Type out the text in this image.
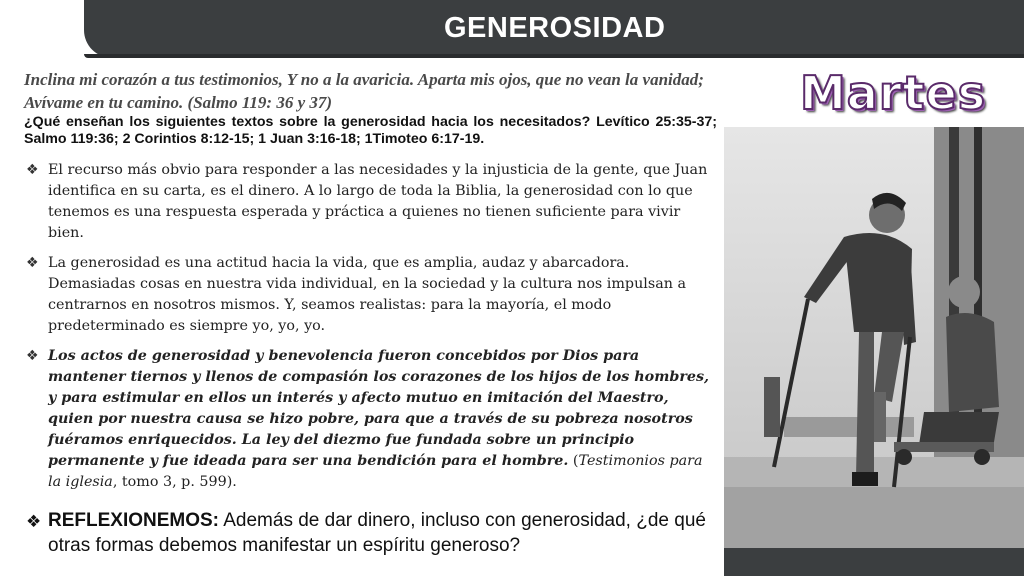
GENEROSIDAD
Inclina mi corazón a tus testimonios, Y no a la avaricia. Aparta mis ojos, que no vean la vanidad; Avívame en tu camino. (Salmo 119: 36 y 37)
¿Qué enseñan los siguientes textos sobre la generosidad hacia los necesitados? Levítico 25:35-37; Salmo 119:36; 2 Corintios 8:12-15; 1 Juan 3:16-18; 1Timoteo 6:17-19.
❖ El recurso más obvio para responder a las necesidades y la injusticia de la gente, que Juan identifica en su carta, es el dinero. A lo largo de toda la Biblia, la generosidad con lo que tenemos es una respuesta esperada y práctica a quienes no tienen suficiente para vivir bien.
❖ La generosidad es una actitud hacia la vida, que es amplia, audaz y abarcadora. Demasiadas cosas en nuestra vida individual, en la sociedad y la cultura nos impulsan a centrarnos en nosotros mismos. Y, seamos realistas: para la mayoría, el modo predeterminado es siempre yo, yo, yo.
❖ Los actos de generosidad y benevolencia fueron concebidos por Dios para mantener tiernos y llenos de compasión los corazones de los hijos de los hombres, y para estimular en ellos un interés y afecto mutuo en imitación del Maestro, quien por nuestra causa se hizo pobre, para que a través de su pobreza nosotros fuéramos enriquecidos. La ley del diezmo fue fundada sobre un principio permanente y fue ideada para ser una bendición para el hombre. (Testimonios para la iglesia, tomo 3, p. 599).
❖ REFLEXIONEMOS: Además de dar dinero, incluso con generosidad, ¿de qué otras formas debemos manifestar un espíritu generoso?
Martes
